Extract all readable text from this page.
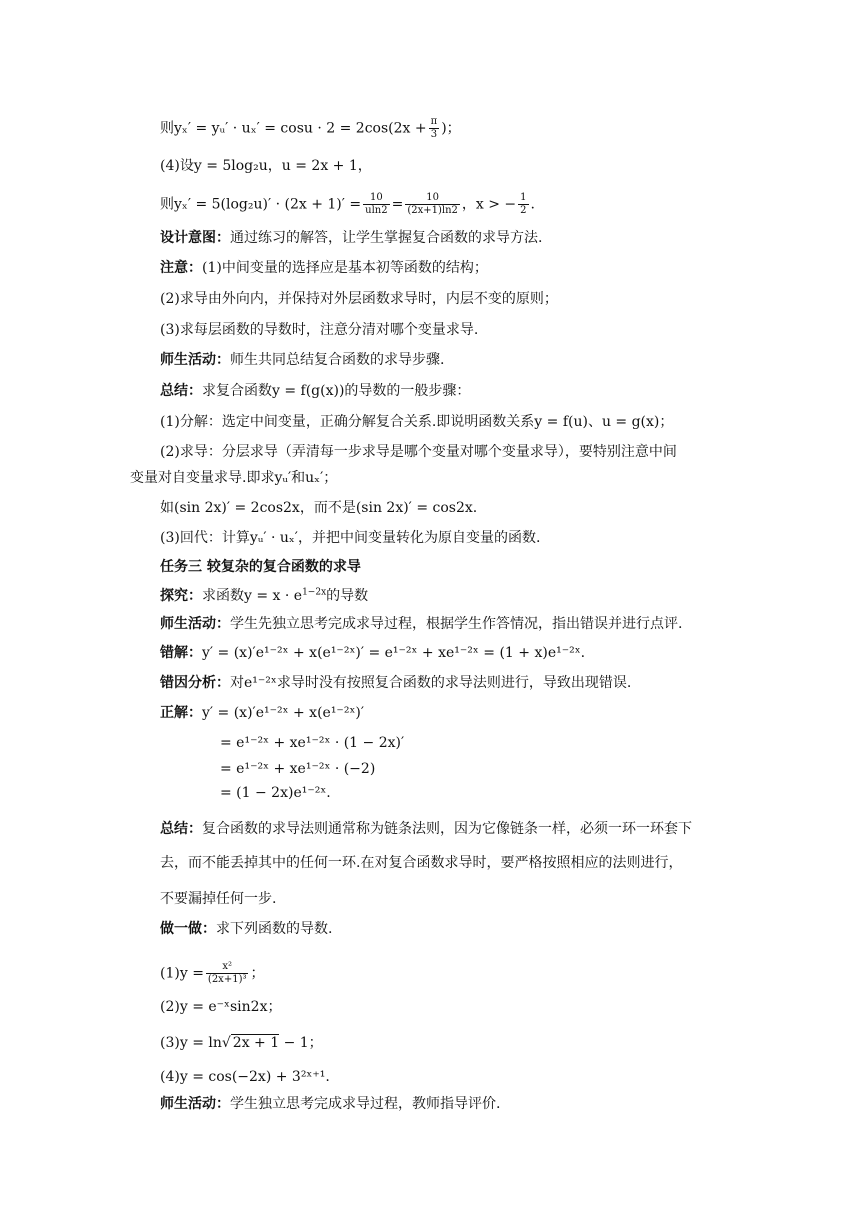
则yₓ′ = yᵤ′ · $u_x' = \cos u \cdot 2 = 2\cos(2x + \frac{\pi}{3}$ )；
(4)设y = 5log₂u，u = 2x + 1，
则$y_x' = 5(\log_2u)' \cdot (2x + 1)' = \frac{10}{uln2} = \frac{10}{(2x+1)\ln 2}$ ，x > − $\frac{1}{2}$ .
设计意图：通过练习的解答，让学生掌握复合函数的求导方法.
注意：(1)中间变量的选择应是基本初等函数的结构；
(2)求导由外向内，并保持对外层函数求导时，内层不变的原则；
(3)求每层函数的导数时，注意分清对哪个变量求导.
师生活动：师生共同总结复合函数的求导步骤.
总结：求复合函数y = f(g(x))的导数的一般步骤：
(1)分解：选定中间变量，正确分解复合关系.即说明函数关系y = f(u)、u = g(x)；
(2)求导：分层求导（弄清每一步求导是哪个变量对哪个变量求导），要特别注意中间
变量对自变量求导.即求yᵤ′和uₓ′；
如(sin 2x)′ = 2cos2x，而不是(sin 2x)′ = cos2x.
(3)回代：计算yᵤ′ · uₓ′，并把中间变量转化为原自变量的函数.
任务三 较复杂的复合函数的求导
探究：求函数$y = x \cdot e^{1-2x}$的导数
师生活动：学生先独立思考完成求导过程，根据学生作答情况，指出错误并进行点评.
错解：y′ = (x)′e¹⁻²ˣ + x(e¹⁻²ˣ)′ = e¹⁻²ˣ + xe¹⁻²ˣ = (1 + x)e¹⁻²ˣ.
错因分析：对e¹⁻²ˣ求导时没有按照复合函数的求导法则进行，导致出现错误.
正解：y′ = (x)′e¹⁻²ˣ + x(e¹⁻²ˣ)′
= e¹⁻²ˣ + xe¹⁻²ˣ · (1 − 2x)′
= e¹⁻²ˣ + xe¹⁻²ˣ · (−2)
= (1 − 2x)e¹⁻²ˣ.
总结：复合函数的求导法则通常称为链条法则，因为它像链条一样，必须一环一环套下
去，而不能丢掉其中的任何一环.在对复合函数求导时，要严格按照相应的法则进行，
不要漏掉任何一步.
做一做：求下列函数的导数.
$(1)y = \frac{\text{x²}}{\text{(2x+1)³}}$ ；
(2)y = e⁻ˣsin2x；
(3)y = ln√ 2x + 1 − 1；
(4)y = cos(−2x) + 3²ˣ⁺¹.
师生活动：学生独立思考完成求导过程，教师指导评价.
